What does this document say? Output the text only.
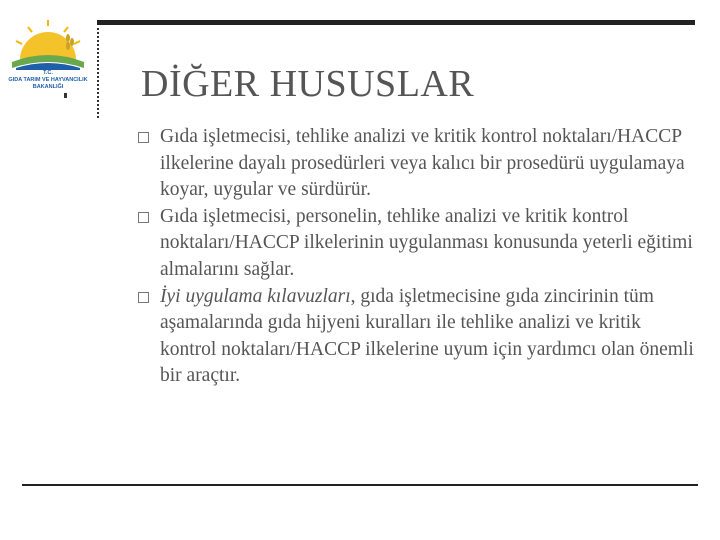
T.C.
GIDA TARIM VE HAYVANCILIK
BAKANLIĞI	DİĞER HUSUSLAR
Gıda işletmecisi, tehlike analizi ve kritik kontrol noktaları/HACCP ilkelerine dayalı prosedürleri veya kalıcı bir prosedürü uygulamaya koyar, uygular ve sürdürür.
Gıda işletmecisi, personelin, tehlike analizi ve kritik kontrol noktaları/HACCP ilkelerinin uygulanması konusunda yeterli eğitimi almalarını sağlar.
İyi uygulama kılavuzları, gıda işletmecisine gıda zincirinin tüm aşamalarında gıda hijyeni kuralları ile tehlike analizi ve kritik kontrol noktaları/HACCP ilkelerine uyum için yardımcı olan önemli bir araçtır.
